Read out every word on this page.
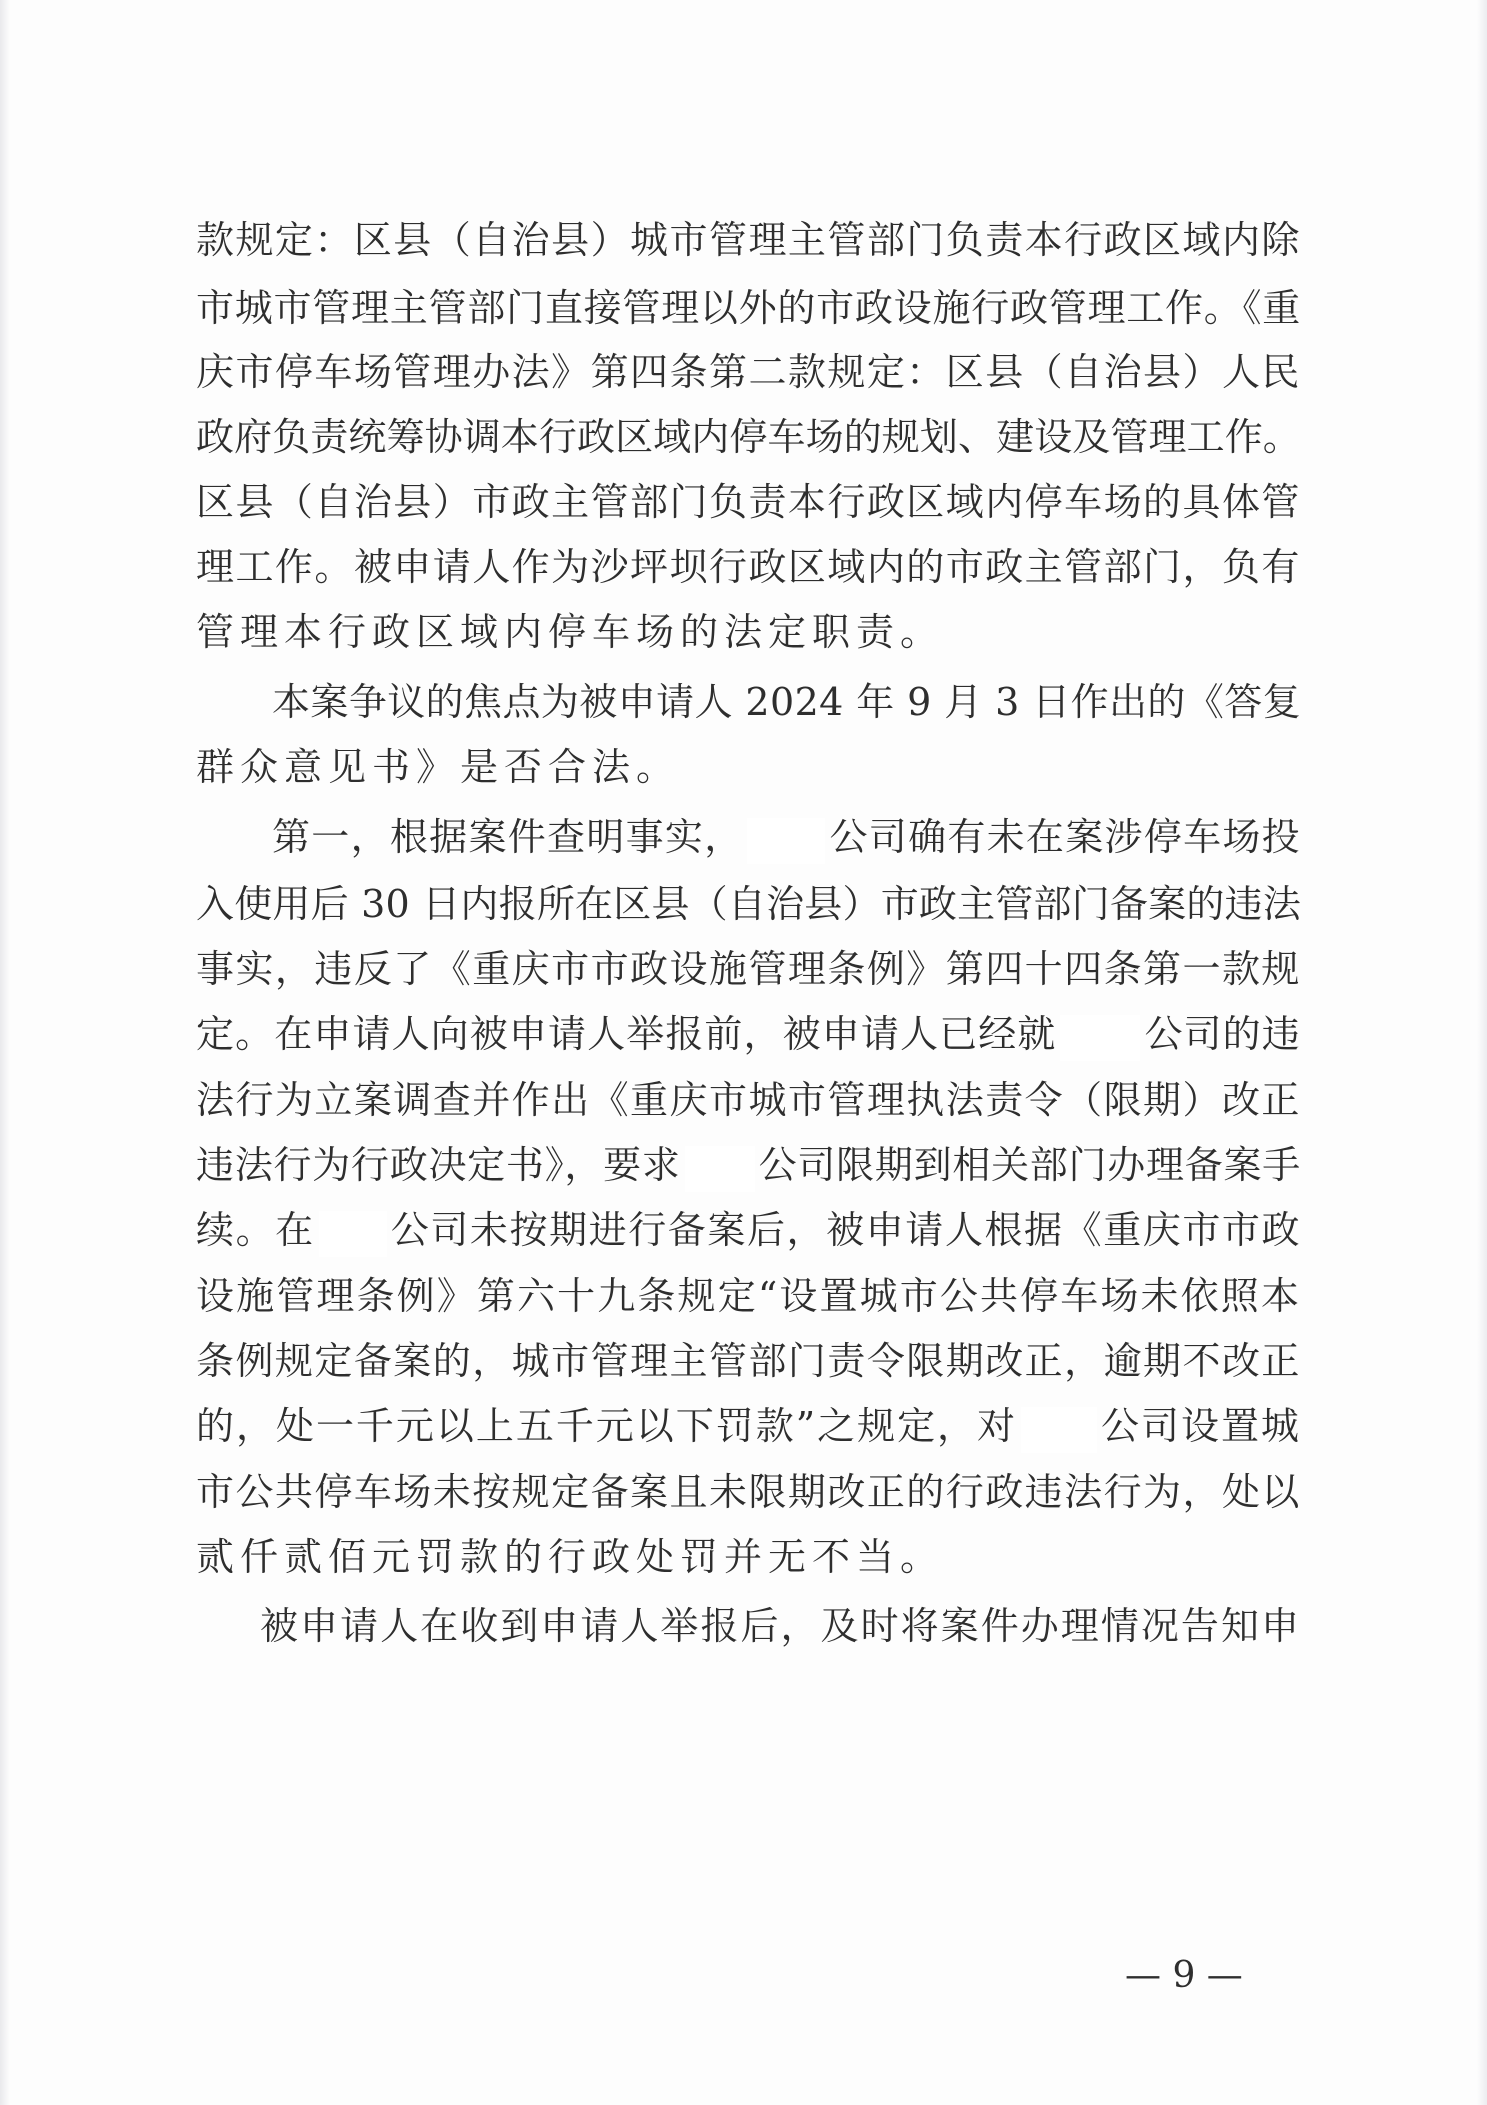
款规定：区县（自治县）城市管理主管部门负责本行政区域内除
市城市管理主管部门直接管理以外的市政设施行政管理工作。《重
庆市停车场管理办法》第四条第二款规定：区县（自治县）人民
政府负责统筹协调本行政区域内停车场的规划、建设及管理工作。
区县（自治县）市政主管部门负责本行政区域内停车场的具体管
理工作。被申请人作为沙坪坝行政区域内的市政主管部门，负有
管理本行政区域内停车场的法定职责。
本案争议的焦点为被申请人 2024 年 9 月 3 日作出的《答复
群众意见书》是否合法。
第一，根据案件查明事实， 公司确有未在案涉停车场投
入使用后 30 日内报所在区县（自治县）市政主管部门备案的违法
事实，违反了《重庆市市政设施管理条例》第四十四条第一款规
定。在申请人向被申请人举报前，被申请人已经就 公司的违
法行为立案调查并作出《重庆市城市管理执法责令（限期）改正
违法行为行政决定书》，要求 公司限期到相关部门办理备案手
续。在 公司未按期进行备案后，被申请人根据《重庆市市政
设施管理条例》第六十九条规定“设置城市公共停车场未依照本
条例规定备案的，城市管理主管部门责令限期改正，逾期不改正
的，处一千元以上五千元以下罚款”之规定，对 公司设置城
市公共停车场未按规定备案且未限期改正的行政违法行为，处以
贰仟贰佰元罚款的行政处罚并无不当。
被申请人在收到申请人举报后，及时将案件办理情况告知申
— 9 —
